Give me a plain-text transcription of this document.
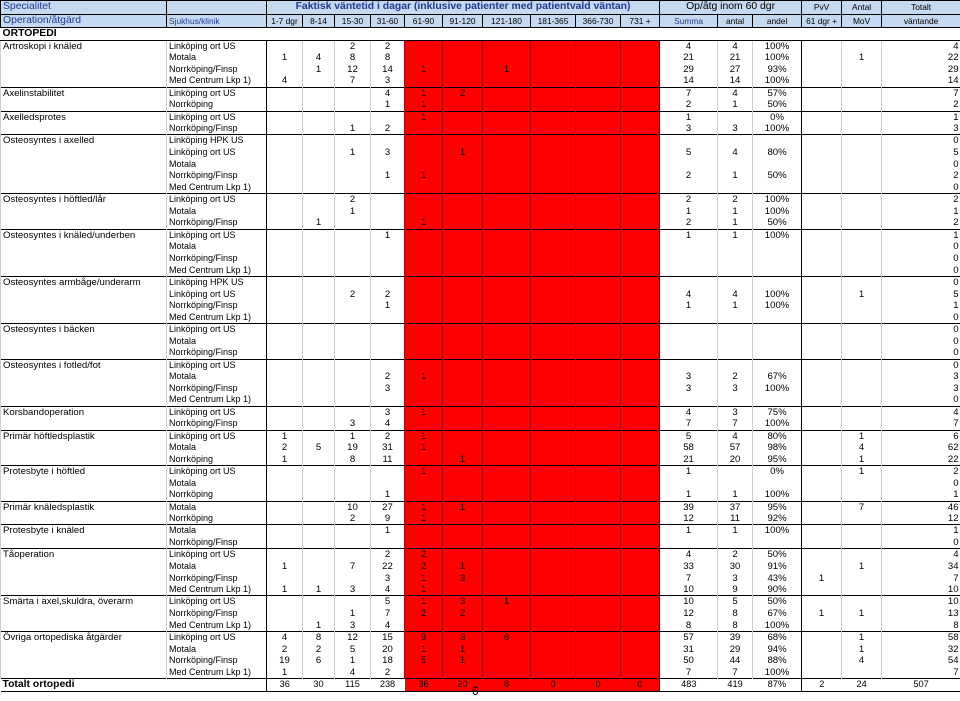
Specialitet		Faktisk väntetid i dagar (inklusive patienter med patientvald väntan)										Op/åtg inom 60 dgr			PvV	Antal	Totalt
Operation/åtgärd	Sjukhus/klinik	1-7 dgr	8-14	15-30	31-60	61-90	91-120	121-180	181-365	366-730	731 +	Summa	antal	andel	61 dgr +	MoV	väntande
ORTOPEDI																	
Artroskopi i knäled	Linköping ort US			2	2							4	4	100%			4
	Motala	1	4	8	8							21	21	100%		1	22
	Norrköping/Finsp		1	12	14	1		1				29	27	93%			29
	Med Centrum Lkp 1)	4		7	3							14	14	100%			14
Axelinstabilitet	Linköping ort US				4	1	2					7	4	57%			7
	Norrköping				1	1						2	1	50%			2
Axelledsprotes	Linköping ort US					1						1		0%			1
	Norrköping/Finsp			1	2							3	3	100%			3
Osteosyntes i axelled	Linköping HPK US																0
	Linköping ort US			1	3		1					5	4	80%			5
	Motala																0
	Norrköping/Finsp				1	1						2	1	50%			2
	Med Centrum Lkp 1)																0
Osteosyntes i höftled/lår	Linköping ort US			2								2	2	100%			2
	Motala			1								1	1	100%			1
	Norrköping/Finsp		1			1						2	1	50%			2
Osteosyntes i knäled/underben	Linköping ort US				1							1	1	100%			1
	Motala																0
	Norrköping/Finsp																0
	Med Centrum Lkp 1)																0
Osteosyntes armbåge/underarm	Linköping HPK US																0
	Linköping ort US			2	2							4	4	100%		1	5
	Norrköping/Finsp				1							1	1	100%			1
	Med Centrum Lkp 1)																0
Osteosyntes i bäcken	Linköping ort US																0
	Motala																0
	Norrköping/Finsp																0
Osteosyntes i fotled/fot	Linköping ort US																0
	Motala				2	1						3	2	67%			3
	Norrköping/Finsp				3							3	3	100%			3
	Med Centrum Lkp 1)																0
Korsbandoperation	Linköping ort US				3	1						4	3	75%			4
	Norrköping/Finsp			3	4							7	7	100%			7
Primär höftledsplastik	Linköping ort US	1		1	2	1						5	4	80%		1	6
	Motala	2	5	19	31	1						58	57	98%		4	62
	Norrköping	1		8	11		1					21	20	95%		1	22
Protesbyte i höftled	Linköping ort US					1						1		0%		1	2
	Motala																0
	Norrköping				1							1	1	100%			1
Primär knäledsplastik	Motala			10	27	1	1					39	37	95%		7	46
	Norrköping			2	9	1						12	11	92%			12
Protesbyte i knäled	Motala				1							1	1	100%			1
	Norrköping/Finsp																0
Tåoperation	Linköping ort US				2	2						4	2	50%			4
	Motala	1		7	22	2	1					33	30	91%		1	34
	Norrköping/Finsp				3	1	3					7	3	43%	1		7
	Med Centrum Lkp 1)	1	1	3	4	1						10	9	90%			10
Smärta i axel,skuldra, överarm	Linköping ort US				5	1	3	1				10	5	50%			10
	Norrköping/Finsp			1	7	2	2					12	8	67%	1	1	13
	Med Centrum Lkp 1)		1	3	4							8	8	100%			8
Övriga ortopediska åtgärder	Linköping ort US	4	8	12	15	9	3	6				57	39	68%		1	58
	Motala	2	2	5	20	1	1					31	29	94%		1	32
	Norrköping/Finsp	19	6	1	18	5	1					50	44	88%		4	54
	Med Centrum Lkp 1)	1		4	2							7	7	100%			7
Totalt ortopedi		36	30	115	238	36	20	8	0	0	0	483	419	87%	2	24	507
6
